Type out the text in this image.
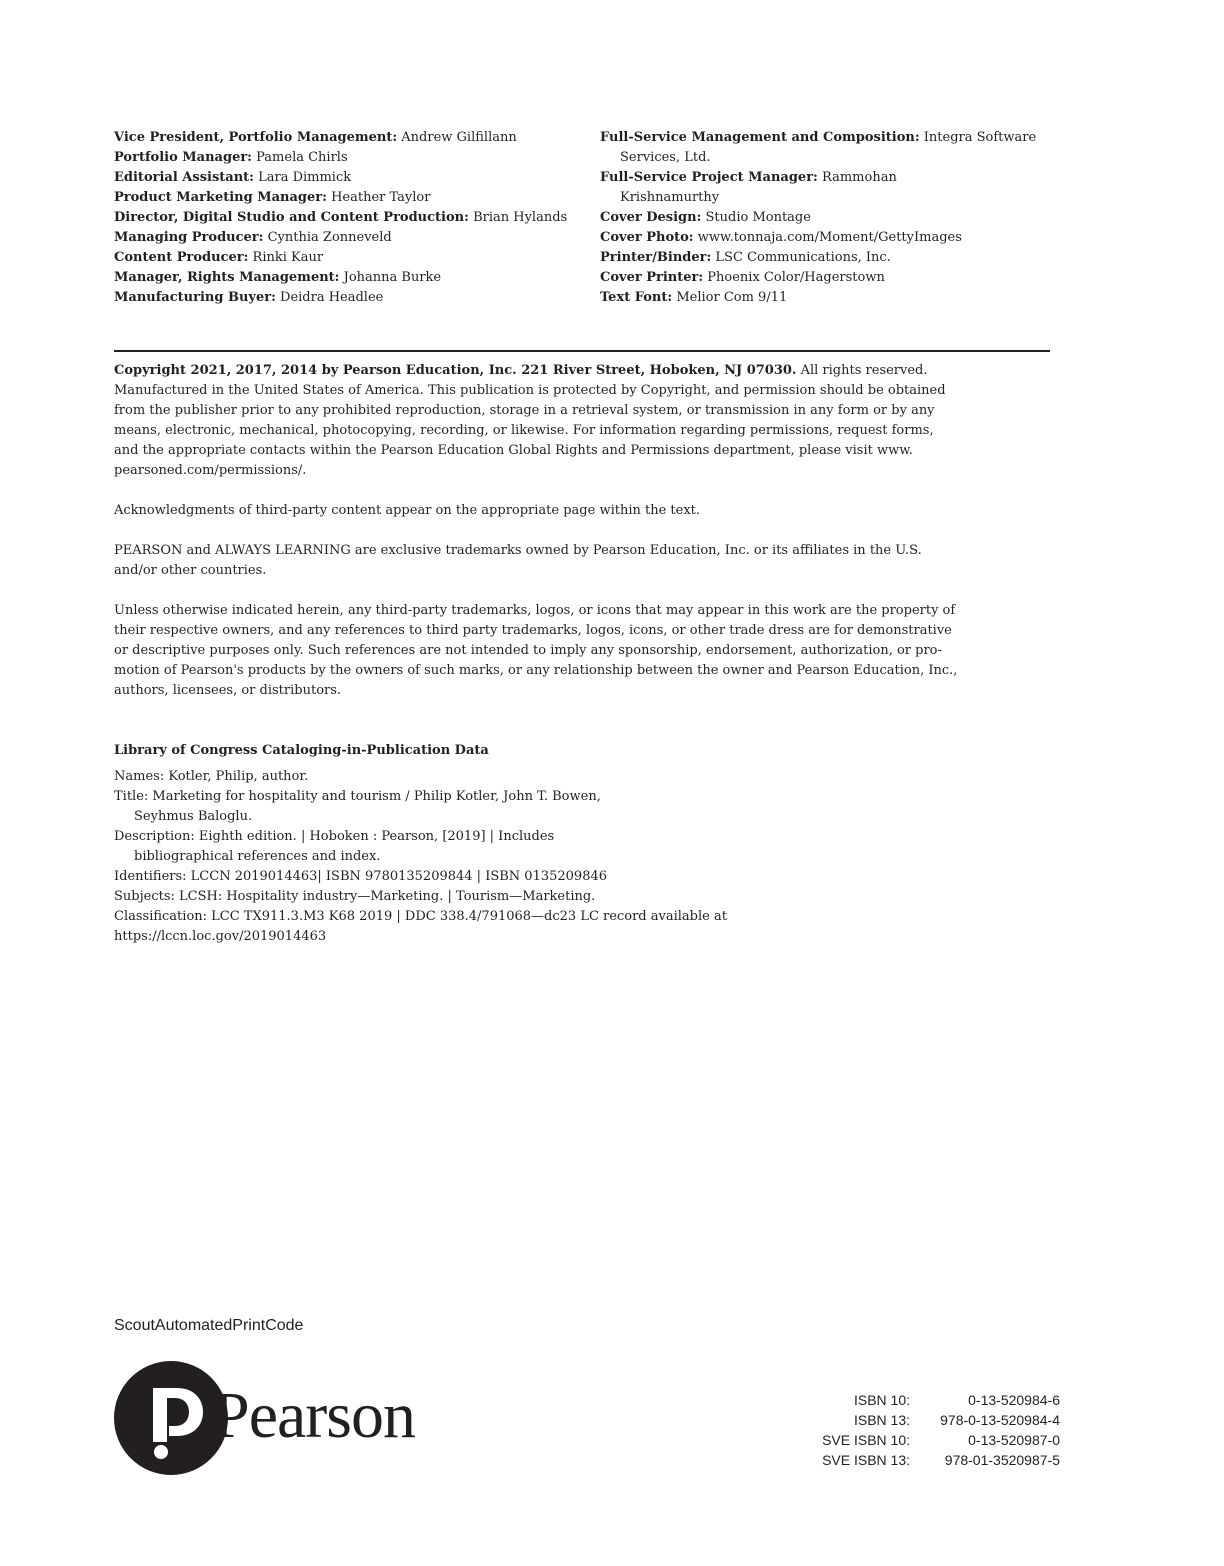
Vice President, Portfolio Management: Andrew Gilfillann
Portfolio Manager: Pamela Chirls
Editorial Assistant: Lara Dimmick
Product Marketing Manager: Heather Taylor
Director, Digital Studio and Content Production: Brian Hylands
Managing Producer: Cynthia Zonneveld
Content Producer: Rinki Kaur
Manager, Rights Management: Johanna Burke
Manufacturing Buyer: Deidra Headlee
Full-Service Management and Composition: Integra Software
Services, Ltd.
Full-Service Project Manager: Rammohan
Krishnamurthy
Cover Design: Studio Montage
Cover Photo: www.tonnaja.com/Moment/GettyImages
Printer/Binder: LSC Communications, Inc.
Cover Printer: Phoenix Color/Hagerstown
Text Font: Melior Com 9/11
Copyright 2021, 2017, 2014 by Pearson Education, Inc. 221 River Street, Hoboken, NJ 07030. All rights reserved.
Manufactured in the United States of America. This publication is protected by Copyright, and permission should be obtained
from the publisher prior to any prohibited reproduction, storage in a retrieval system, or transmission in any form or by any
means, electronic, mechanical, photocopying, recording, or likewise. For information regarding permissions, request forms,
and the appropriate contacts within the Pearson Education Global Rights and Permissions department, please visit www.
pearsoned.com/permissions/.
Acknowledgments of third-party content appear on the appropriate page within the text.
PEARSON and ALWAYS LEARNING are exclusive trademarks owned by Pearson Education, Inc. or its affiliates in the U.S.
and/or other countries.
Unless otherwise indicated herein, any third-party trademarks, logos, or icons that may appear in this work are the property of
their respective owners, and any references to third party trademarks, logos, icons, or other trade dress are for demonstrative
or descriptive purposes only. Such references are not intended to imply any sponsorship, endorsement, authorization, or pro-
motion of Pearson's products by the owners of such marks, or any relationship between the owner and Pearson Education, Inc.,
authors, licensees, or distributors.
Library of Congress Cataloging-in-Publication Data
Names: Kotler, Philip, author.
Title: Marketing for hospitality and tourism / Philip Kotler, John T. Bowen,
Seyhmus Baloglu.
Description: Eighth edition. | Hoboken : Pearson, [2019] | Includes
bibliographical references and index.
Identifiers: LCCN 2019014463| ISBN 9780135209844 | ISBN 0135209846
Subjects: LCSH: Hospitality industry—Marketing. | Tourism—Marketing.
Classification: LCC TX911.3.M3 K68 2019 | DDC 338.4/791068—dc23 LC record available at
https://lccn.loc.gov/2019014463
ScoutAutomatedPrintCode
Pearson	ISBN 10:	0-13-520984-6
ISBN 13:	978-0-13-520984-4
SVE ISBN 10:	0-13-520987-0
SVE ISBN 13:	978-01-3520987-5
